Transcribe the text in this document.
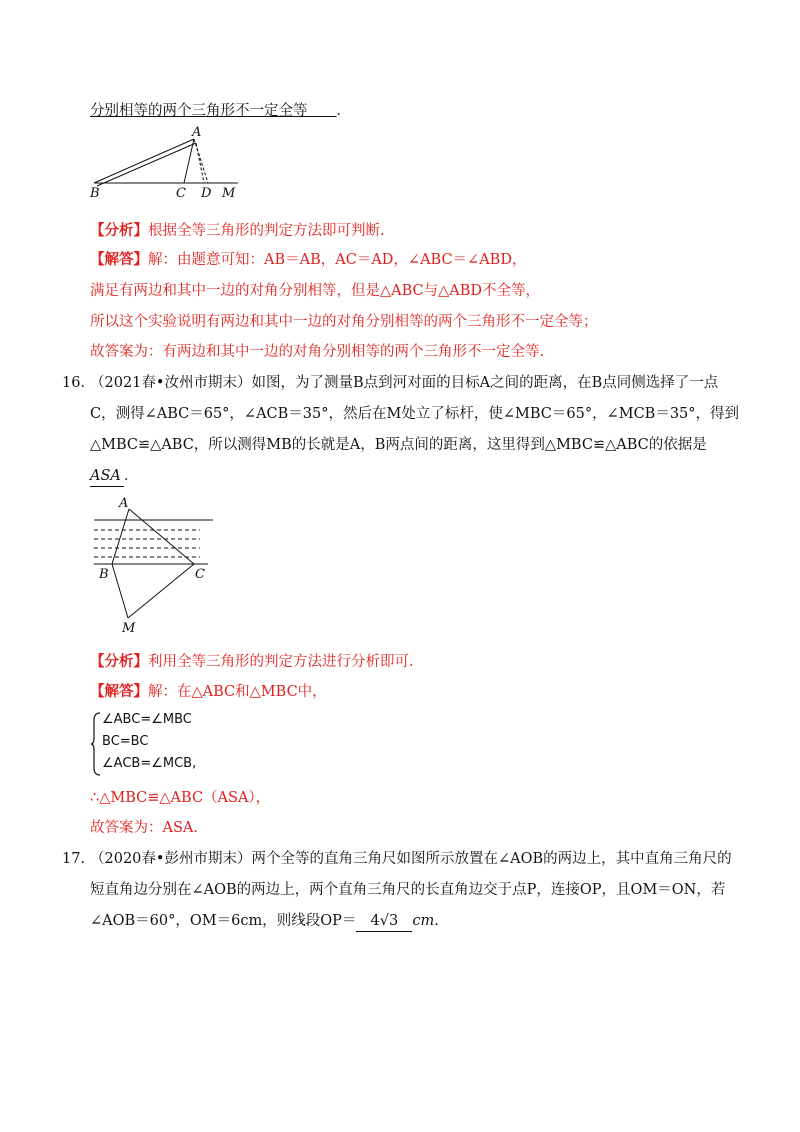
分别相等的两个三角形不一定全等　　 ．
A
B	C D M
【分析】根据全等三角形的判定方法即可判断.
【解答】解：由题意可知：AB＝AB，AC＝AD，∠ABC＝∠ABD，
满足有两边和其中一边的对角分别相等，但是△ABC与△ABD不全等，
所以这个实验说明有两边和其中一边的对角分别相等的两个三角形不一定全等；
故答案为：有两边和其中一边的对角分别相等的两个三角形不一定全等.
16．
（2021春•汝州市期末）如图，为了测量B点到河对面的目标A之间的距离，在B点同侧选择了一点
C，测得∠ABC＝65°，∠ACB＝35°，然后在M处立了标杆，使∠MBC＝65°，∠MCB＝35°，得到
△MBC≌△ABC，所以测得MB的长就是A，B两点间的距离，这里得到△MBC≌△ABC的依据是
ASA ．
A
B	C
M
【分析】利用全等三角形的判定方法进行分析即可.
【解答】解：在△ABC和△MBC中，
∠ABC=∠MBC
BC=BC
∠ACB=∠MCB,
∴△MBC≌△ABC（ASA），
故答案为：ASA.
17．
（2020春•彭州市期末）两个全等的直角三角尺如图所示放置在∠AOB的两边上，其中直角三角尺的
短直角边分别在∠AOB的两边上，两个直角三角尺的长直角边交于点P，连接OP，且OM＝ON，若
∠AOB＝60°，OM＝6cm，则线段OP＝ 4√3 cm.
